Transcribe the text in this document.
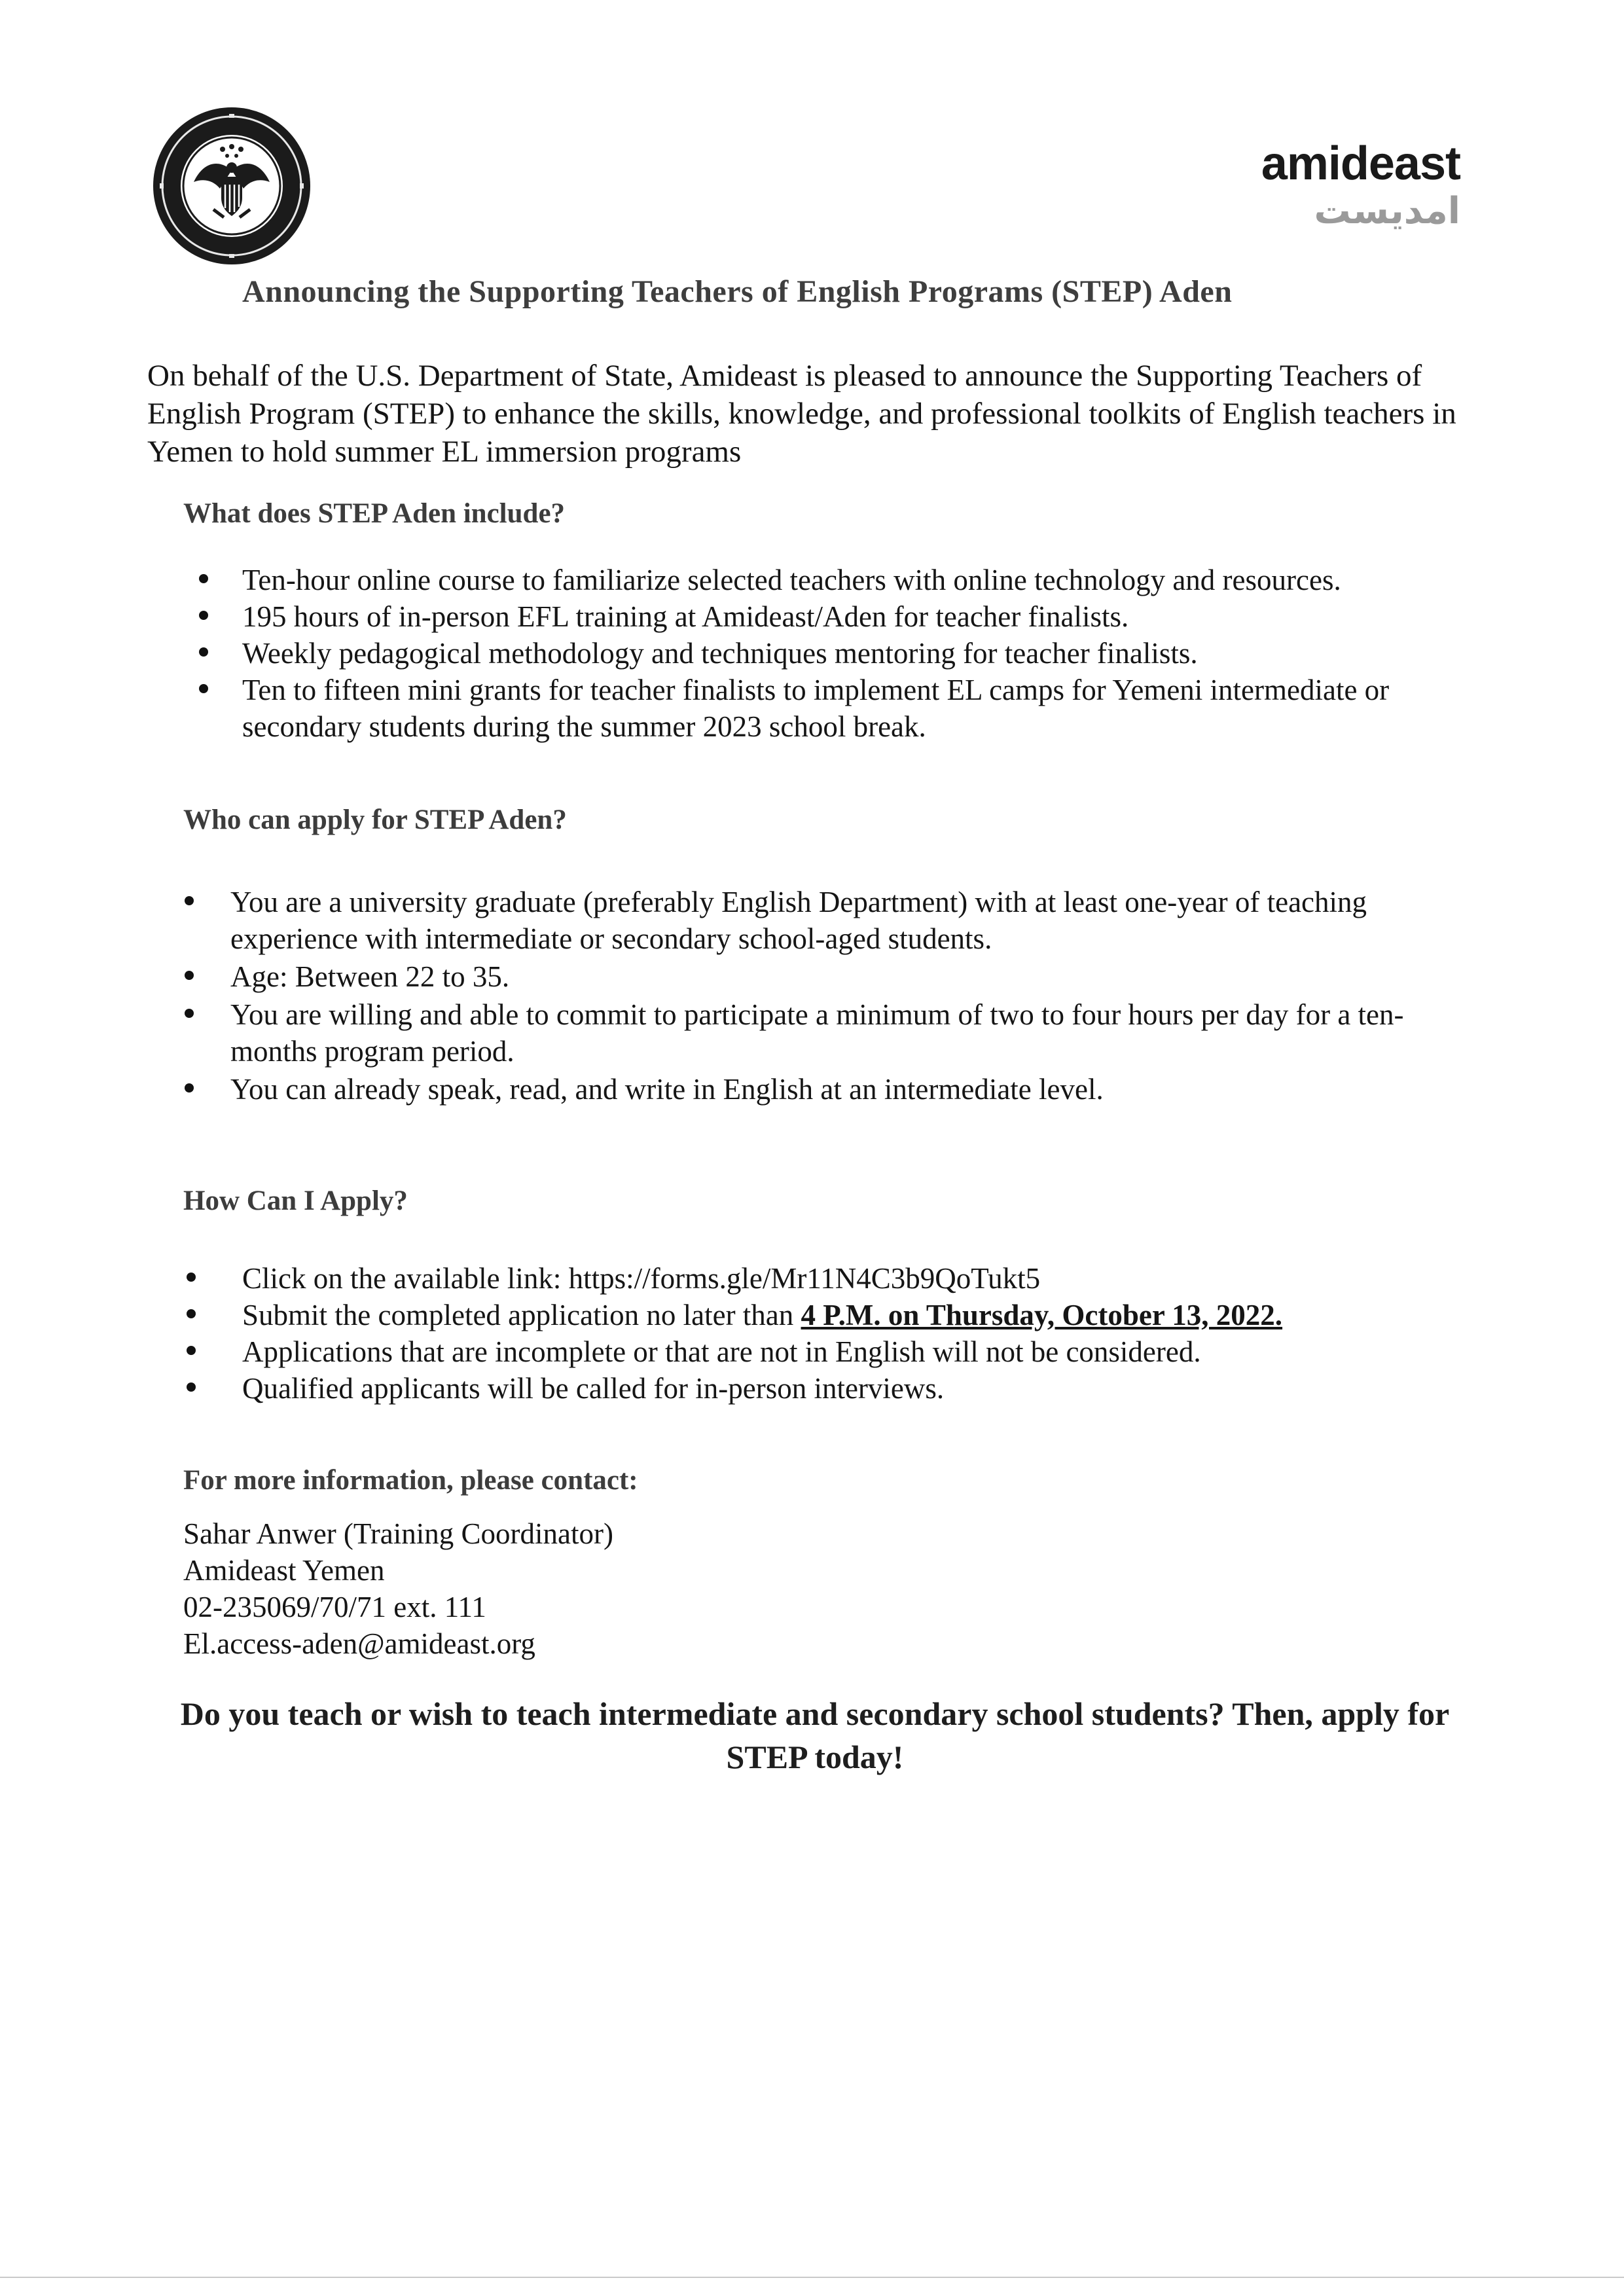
amideast
امديست
Announcing the Supporting Teachers of English Programs (STEP) Aden

On behalf of the U.S. Department of State, Amideast is pleased to announce the Supporting Teachers of English Program (STEP) to enhance the skills, knowledge, and professional toolkits of English teachers in Yemen to hold summer EL immersion programs

What does STEP Aden include?
Ten-hour online course to familiarize selected teachers with online technology and resources.
195 hours of in-person EFL training at Amideast/Aden for teacher finalists.
Weekly pedagogical methodology and techniques mentoring for teacher finalists.
Ten to fifteen mini grants for teacher finalists to implement EL camps for Yemeni intermediate or secondary students during the summer 2023 school break.
Who can apply for STEP Aden?
You are a university graduate (preferably English Department) with at least one-year of teaching experience with intermediate or secondary school-aged students.
Age: Between 22 to 35.
You are willing and able to commit to participate a minimum of two to four hours per day for a ten-months program period.
You can already speak, read, and write in English at an intermediate level.
How Can I Apply?
Click on the available link: https://forms.gle/Mr11N4C3b9QoTukt5
Submit the completed application no later than 4 P.M. on Thursday, October 13, 2022.
Applications that are incomplete or that are not in English will not be considered.
Qualified applicants will be called for in-person interviews.
For more information, please contact:
Sahar Anwer (Training Coordinator)
Amideast Yemen
02-235069/70/71 ext. 111
El.access-aden@amideast.org
Do you teach or wish to teach intermediate and secondary school students? Then, apply for STEP today!
